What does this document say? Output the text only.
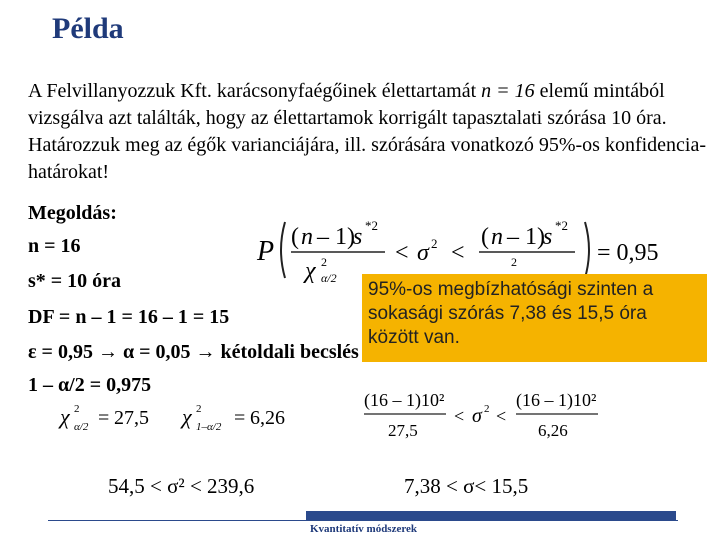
Példa
A Felvillanyozzuk Kft. karácsonyfaégőinek élettartamát n = 16 elemű mintából vizsgálva azt találták, hogy az élettartamok korrigált tapasztalati szórása 10 óra. Határozzuk meg az égők varianciájára, ill. szórására vonatkozó 95%-os konfidencia-határokat!
Megoldás:
n = 16
s* = 10 óra
DF = n – 1 = 16 – 1 = 15
ε = 0,95 → α = 0,05 → kétoldali becslés
1 – α/2 = 0,975
P ( n – 1)
s *2
χ 2
α/2
< σ 2 <
( n – 1)
s *2
2	= 0,95
95%-os megbízhatósági szinten a sokasági szórás 7,38 és 15,5 óra között van.
χ 2
α/2 = 27,5 χ 2
1–α/2 = 6,26
(16 – 1)10²
27,5
< σ 2 <
(16 – 1)10²
6,26
54,5 < σ² < 239,6	7,38 < σ< 15,5
Kvantitatív módszerek
